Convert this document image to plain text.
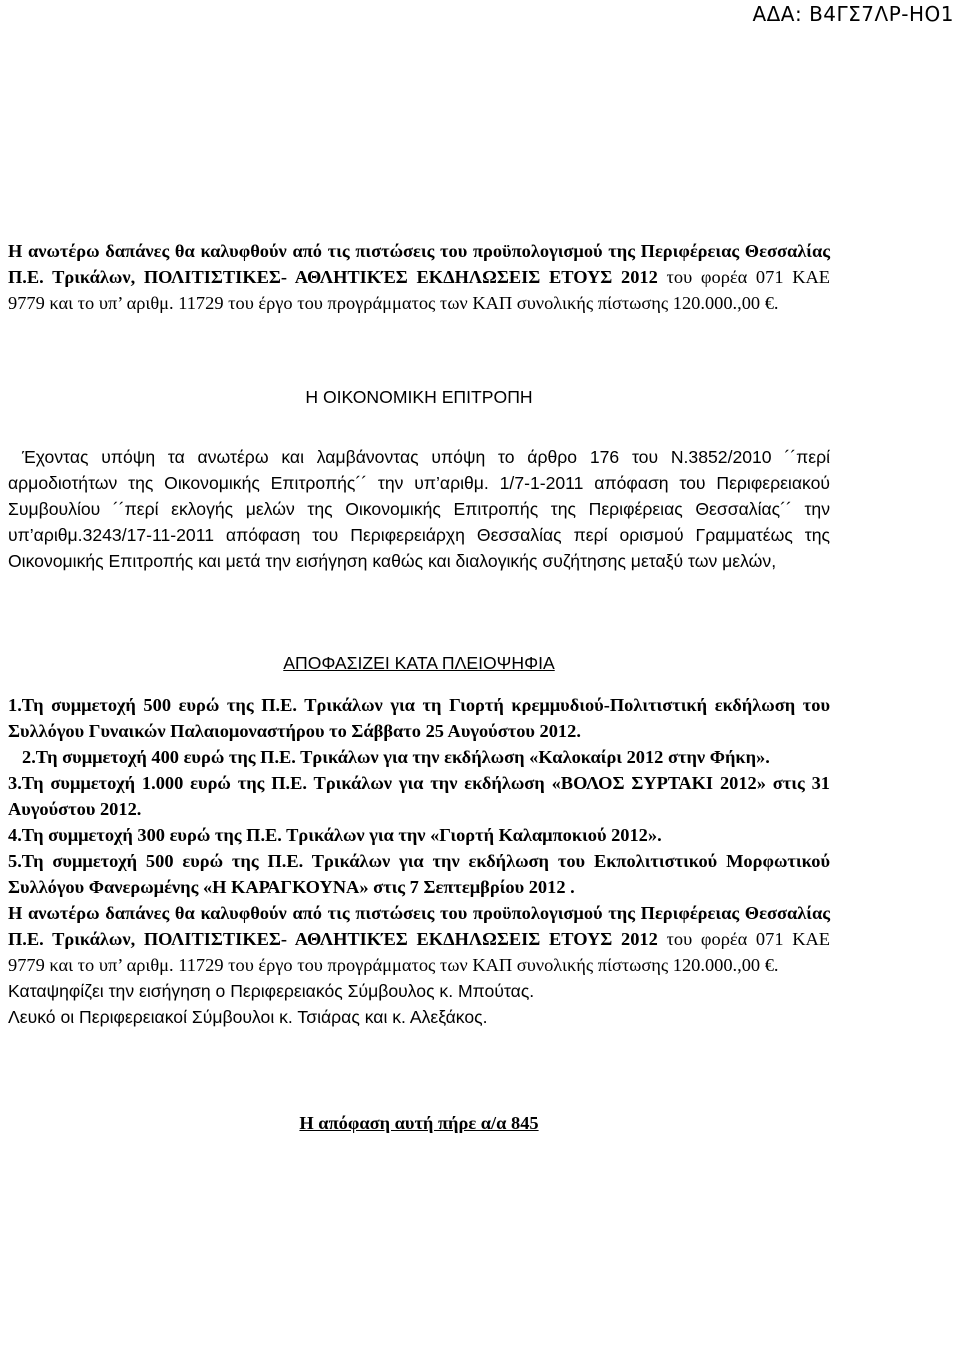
ΑΔΑ: Β4ΓΣ7ΛΡ-ΗΟ1

Η ανωτέρω δαπάνες θα καλυφθούν από τις πιστώσεις του προϋπολογισμού της Περιφέρειας Θεσσαλίας Π.Ε. Τρικάλων, ΠΟΛΙΤΙΣΤΙΚΕΣ- ΑΘΛΗΤΙΚΈΣ ΕΚΔΗΛΩΣΕΙΣ ΕΤΟΥΣ 2012 του φορέα 071 ΚΑΕ 9779 και το υπ’ αριθμ. 11729 του έργο του προγράμματος των ΚΑΠ συνολικής πίστωσης 120.000.,00 €.

Η ΟΙΚΟΝΟΜΙΚΗ ΕΠΙΤΡΟΠΗ

Έχοντας υπόψη τα ανωτέρω και λαμβάνοντας υπόψη το άρθρο 176 του Ν.3852/2010 ´´περί αρμοδιοτήτων της Οικονομικής Επιτροπής´´ την υπ’αριθμ. 1/7-1-2011 απόφαση του Περιφερειακού Συμβουλίου ´´περί εκλογής μελών της Οικονομικής Επιτροπής της Περιφέρειας Θεσσαλίας´´ την υπ’αριθμ.3243/17-11-2011 απόφαση του Περιφερειάρχη Θεσσαλίας περί ορισμού Γραμματέως της Οικονομικής Επιτροπής και μετά την εισήγηση καθώς και διαλογικής συζήτησης μεταξύ των μελών,

ΑΠΟΦΑΣΙΖΕΙ ΚΑΤΑ ΠΛΕΙΟΨΗΦΙΑ

1.Τη συμμετοχή 500 ευρώ της Π.Ε. Τρικάλων για τη Γιορτή κρεμμυδιού-Πολιτιστική εκδήλωση του Συλλόγου Γυναικών Παλαιομοναστήρου το Σάββατο 25 Αυγούστου 2012.

2.Τη συμμετοχή 400 ευρώ της Π.Ε. Τρικάλων για την εκδήλωση «Καλοκαίρι 2012 στην Φήκη».

3.Τη συμμετοχή 1.000 ευρώ της Π.Ε. Τρικάλων για την εκδήλωση «ΒΟΛΟΣ ΣΥΡΤΑΚΙ 2012» στις 31 Αυγούστου 2012.

4.Τη συμμετοχή 300 ευρώ της Π.Ε. Τρικάλων για την «Γιορτή Καλαμποκιού 2012».

5.Τη συμμετοχή 500 ευρώ της Π.Ε. Τρικάλων για την εκδήλωση του Εκπολιτιστικού Μορφωτικού Συλλόγου Φανερωμένης «Η ΚΑΡΑΓΚΟΥΝΑ» στις 7 Σεπτεμβρίου 2012 .

Η ανωτέρω δαπάνες θα καλυφθούν από τις πιστώσεις του προϋπολογισμού της Περιφέρειας Θεσσαλίας Π.Ε. Τρικάλων, ΠΟΛΙΤΙΣΤΙΚΕΣ- ΑΘΛΗΤΙΚΈΣ ΕΚΔΗΛΩΣΕΙΣ ΕΤΟΥΣ 2012 του φορέα 071 ΚΑΕ 9779 και το υπ’ αριθμ. 11729 του έργο του προγράμματος των ΚΑΠ συνολικής πίστωσης 120.000.,00 €.

Καταψηφίζει την εισήγηση ο Περιφερειακός Σύμβουλος κ. Μπούτας.

Λευκό οι Περιφερειακοί Σύμβουλοι κ. Τσιάρας και κ. Αλεξάκος.

Η απόφαση αυτή πήρε α/α 845
